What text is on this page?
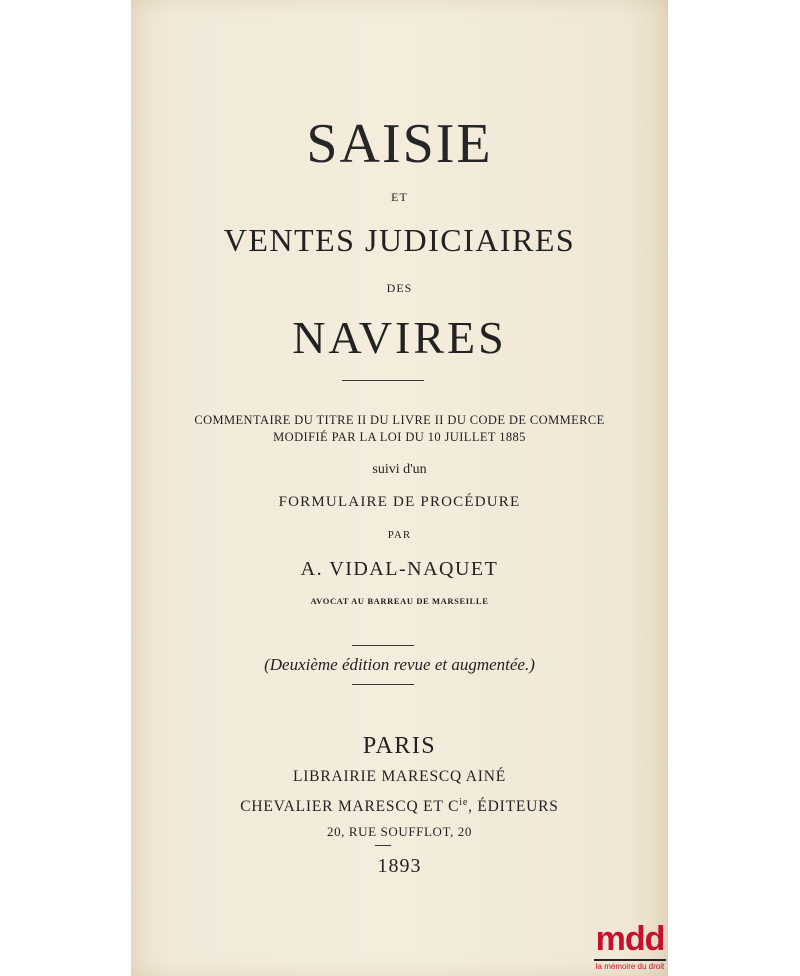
SAISIE
ET
VENTES JUDICIAIRES
DES
NAVIRES
COMMENTAIRE DU TITRE II DU LIVRE II DU CODE DE COMMERCE
MODIFIÉ PAR LA LOI DU 10 JUILLET 1885
suivi d'un
FORMULAIRE DE PROCÉDURE
PAR
A. VIDAL-NAQUET
AVOCAT AU BARREAU DE MARSEILLE
(Deuxième édition revue et augmentée.)
PARIS
LIBRAIRIE MARESCQ AINÉ
CHEVALIER MARESCQ ET $C^{ie}$, ÉDITEURS
20, RUE SOUFFLOT, 20
1893
mdd
la mémoire du droit
